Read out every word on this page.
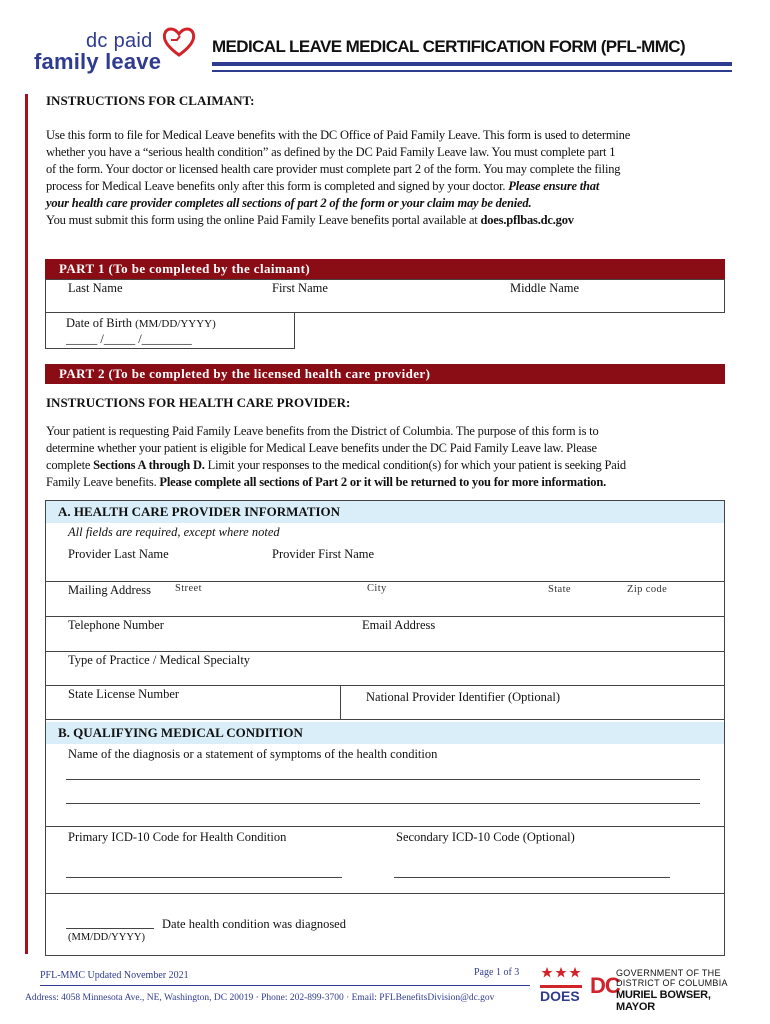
dc paid
family leave
MEDICAL LEAVE MEDICAL CERTIFICATION FORM (PFL-MMC)
INSTRUCTIONS FOR CLAIMANT:
Use this form to file for Medical Leave benefits with the DC Office of Paid Family Leave. This form is used to determine
whether you have a “serious health condition” as defined by the DC Paid Family Leave law. You must complete part 1
of the form. Your doctor or licensed health care provider must complete part 2 of the form. You may complete the filing
process for Medical Leave benefits only after this form is completed and signed by your doctor. Please ensure that
your health care provider completes all sections of part 2 of the form or your claim may be denied.
You must submit this form using the online Paid Family Leave benefits portal available at does.pflbas.dc.gov
PART 1 (To be completed by the claimant)
Last Name	First Name	Middle Name
Date of Birth (MM/DD/YYYY)
_____ /_____ /________
PART 2 (To be completed by the licensed health care provider)
INSTRUCTIONS FOR HEALTH CARE PROVIDER:
Your patient is requesting Paid Family Leave benefits from the District of Columbia. The purpose of this form is to
determine whether your patient is eligible for Medical Leave benefits under the DC Paid Family Leave law. Please
complete Sections A through D. Limit your responses to the medical condition(s) for which your patient is seeking Paid
Family Leave benefits. Please complete all sections of Part 2 or it will be returned to you for more information.
A. HEALTH CARE PROVIDER INFORMATION
All fields are required, except where noted
Provider Last Name	Provider First Name
Mailing Address Street	City	State	Zip code
Telephone Number	Email Address
Type of Practice / Medical Specialty
State License Number	National Provider Identifier (Optional)
B. QUALIFYING MEDICAL CONDITION
Name of the diagnosis or a statement of symptoms of the health condition
Primary ICD-10 Code for Health Condition	Secondary ICD-10 Code (Optional)
Date health condition was diagnosed
(MM/DD/YYYY)
PFL-MMC Updated November 2021	Page 1 of 3
Address: 4058 Minnesota Ave., NE, Washington, DC 20019 · Phone: 202-899-3700 · Email: PFLBenefitsDivision@dc.gov	DOES DC
GOVERNMENT OF THE
DISTRICT OF COLUMBIA
MURIEL BOWSER, MAYOR
